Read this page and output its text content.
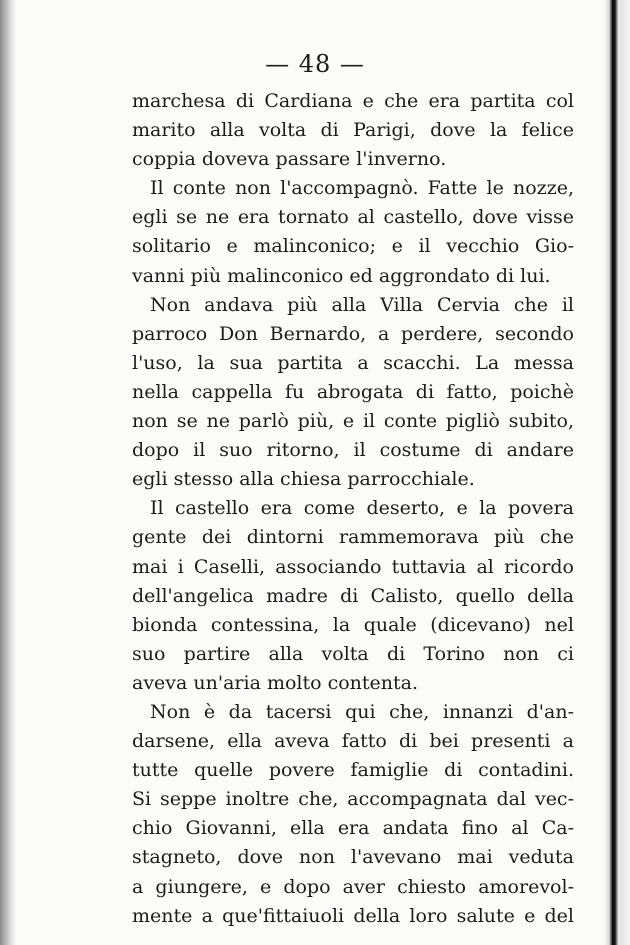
— 48 —
marchesa di Cardiana e che era partita col
marito alla volta di Parigi, dove la felice
coppia doveva passare l'inverno.
Il conte non l'accompagnò. Fatte le nozze,
egli se ne era tornato al castello, dove visse
solitario e malinconico; e il vecchio Gio-
vanni più malinconico ed aggrondato di lui.
Non andava più alla Villa Cervia che il
parroco Don Bernardo, a perdere, secondo
l'uso, la sua partita a scacchi. La messa
nella cappella fu abrogata di fatto, poichè
non se ne parlò più, e il conte pigliò subito,
dopo il suo ritorno, il costume di andare
egli stesso alla chiesa parrocchiale.
Il castello era come deserto, e la povera
gente dei dintorni rammemorava più che
mai i Caselli, associando tuttavia al ricordo
dell'angelica madre di Calisto, quello della
bionda contessina, la quale (dicevano) nel
suo partire alla volta di Torino non ci
aveva un'aria molto contenta.
Non è da tacersi qui che, innanzi d'an-
darsene, ella aveva fatto di bei presenti a
tutte quelle povere famiglie di contadini.
Si seppe inoltre che, accompagnata dal vec-
chio Giovanni, ella era andata fino al Ca-
stagneto, dove non l'avevano mai veduta
a giungere, e dopo aver chiesto amorevol-
mente a que'fittaiuoli della loro salute e del
